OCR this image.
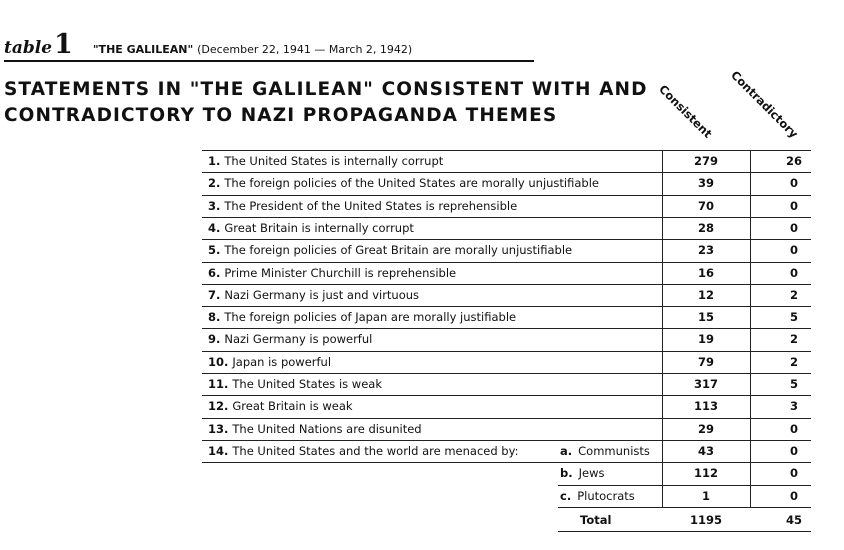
table1 "THE GALILEAN" (December 22, 1941 — March 2, 1942)
STATEMENTS IN "THE GALILEAN" CONSISTENT WITH AND
CONTRADICTORY TO NAZI PROPAGANDA THEMES	Consistent Contradictory
1. The United States is internally corrupt	279	26
2. The foreign policies of the United States are morally unjustifiable	39	0
3. The President of the United States is reprehensible	70	0
4. Great Britain is internally corrupt	28	0
5. The foreign policies of Great Britain are morally unjustifiable	23	0
6. Prime Minister Churchill is reprehensible	16	0
7. Nazi Germany is just and virtuous	12	2
8. The foreign policies of Japan are morally justifiable	15	5
9. Nazi Germany is powerful	19	2
10. Japan is powerful	79	2
11. The United States is weak	317	5
12. Great Britain is weak	113	3
13. The United Nations are disunited	29	0
14. The United States and the world are menaced by:	a. Communists	43	0
b. Jews	112	0
c. Plutocrats	1	0
Total	1195	45
